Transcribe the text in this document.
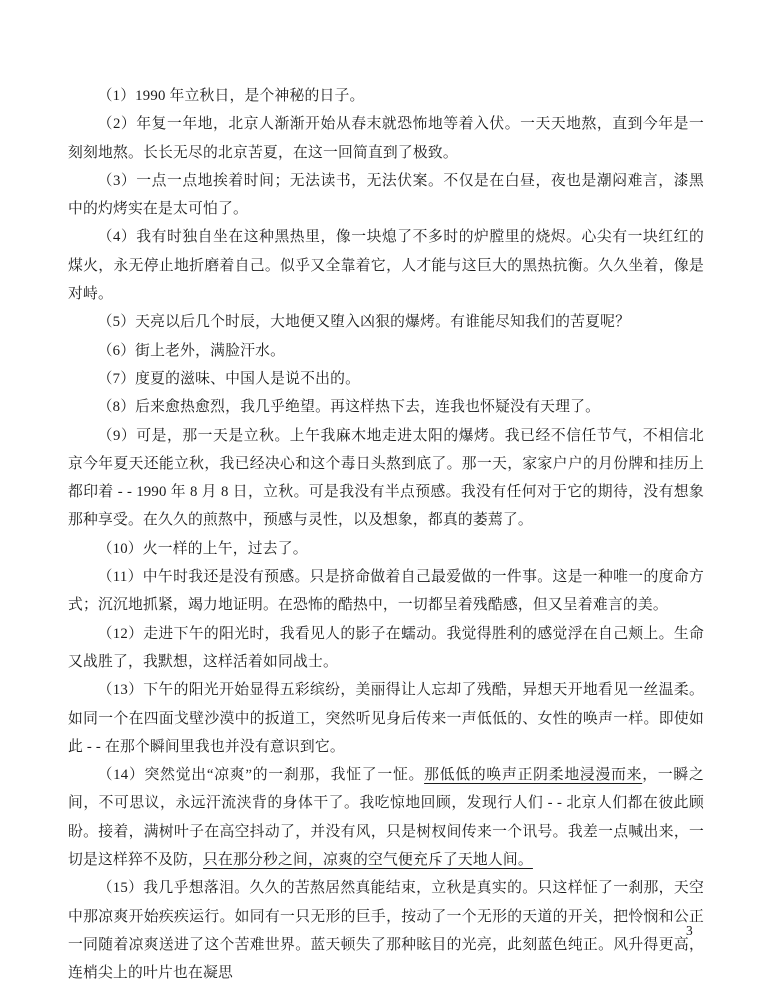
（1）1990 年立秋日，是个神秘的日子。

（2）年复一年地，北京人渐渐开始从春末就恐怖地等着入伏。一天天地熬，直到今年是一刻刻地熬。长长无尽的北京苦夏，在这一回简直到了极致。

（3）一点一点地挨着时间；无法读书，无法伏案。不仅是在白昼，夜也是潮闷难言，漆黑中的灼烤实在是太可怕了。

（4）我有时独自坐在这种黑热里，像一块熄了不多时的炉膛里的烧烬。心尖有一块红红的煤火，永无停止地折磨着自己。似乎又全靠着它，人才能与这巨大的黑热抗衡。久久坐着，像是对峙。

（5）天亮以后几个时辰，大地便又堕入凶狠的爆烤。有谁能尽知我们的苦夏呢？

（6）街上老外，满脸汗水。

（7）度夏的滋味、中国人是说不出的。

（8）后来愈热愈烈，我几乎绝望。再这样热下去，连我也怀疑没有天理了。

（9）可是，那一天是立秋。上午我麻木地走进太阳的爆烤。我已经不信任节气，不相信北京今年夏天还能立秋，我已经决心和这个毒日头熬到底了。那一天，家家户户的月份牌和挂历上都印着 - - 1990 年 8 月 8 日，立秋。可是我没有半点预感。我没有任何对于它的期待，没有想象那种享受。在久久的煎熬中，预感与灵性，以及想象，都真的萎蔫了。

（10）火一样的上午，过去了。

（11）中午时我还是没有预感。只是挤命做着自己最爱做的一件事。这是一种唯一的度命方式；沉沉地抓紧，竭力地证明。在恐怖的酷热中，一切都呈着残酷感，但又呈着难言的美。

（12）走进下午的阳光时，我看见人的影子在蠕动。我觉得胜利的感觉浮在自己颊上。生命又战胜了，我默想，这样活着如同战士。

（13）下午的阳光开始显得五彩缤纷，美丽得让人忘却了残酷，异想天开地看见一丝温柔。如同一个在四面戈壁沙漠中的扳道工，突然听见身后传来一声低低的、女性的唤声一样。即使如此 - - 在那个瞬间里我也并没有意识到它。

（14）突然觉出“凉爽”的一刹那，我怔了一怔。那低低的唤声正阴柔地浸漫而来，一瞬之间，不可思议，永远汗流浃背的身体干了。我吃惊地回顾，发现行人们 - - 北京人们都在彼此顾盼。接着，满树叶子在高空抖动了，并没有风，只是树杈间传来一个讯号。我差一点喊出来，一切是这样猝不及防，只在那分秒之间，凉爽的空气便充斥了天地人间。

（15）我几乎想落泪。久久的苦熬居然真能结束，立秋是真实的。只这样怔了一刹那，天空中那凉爽开始疾疾运行。如同有一只无形的巨手，按动了一个无形的天道的开关，把怜悯和公正一同随着凉爽送进了这个苦难世界。蓝天顿失了那种眩目的光亮，此刻蓝色纯正。风升得更高，连梢尖上的叶片也在凝思

3
